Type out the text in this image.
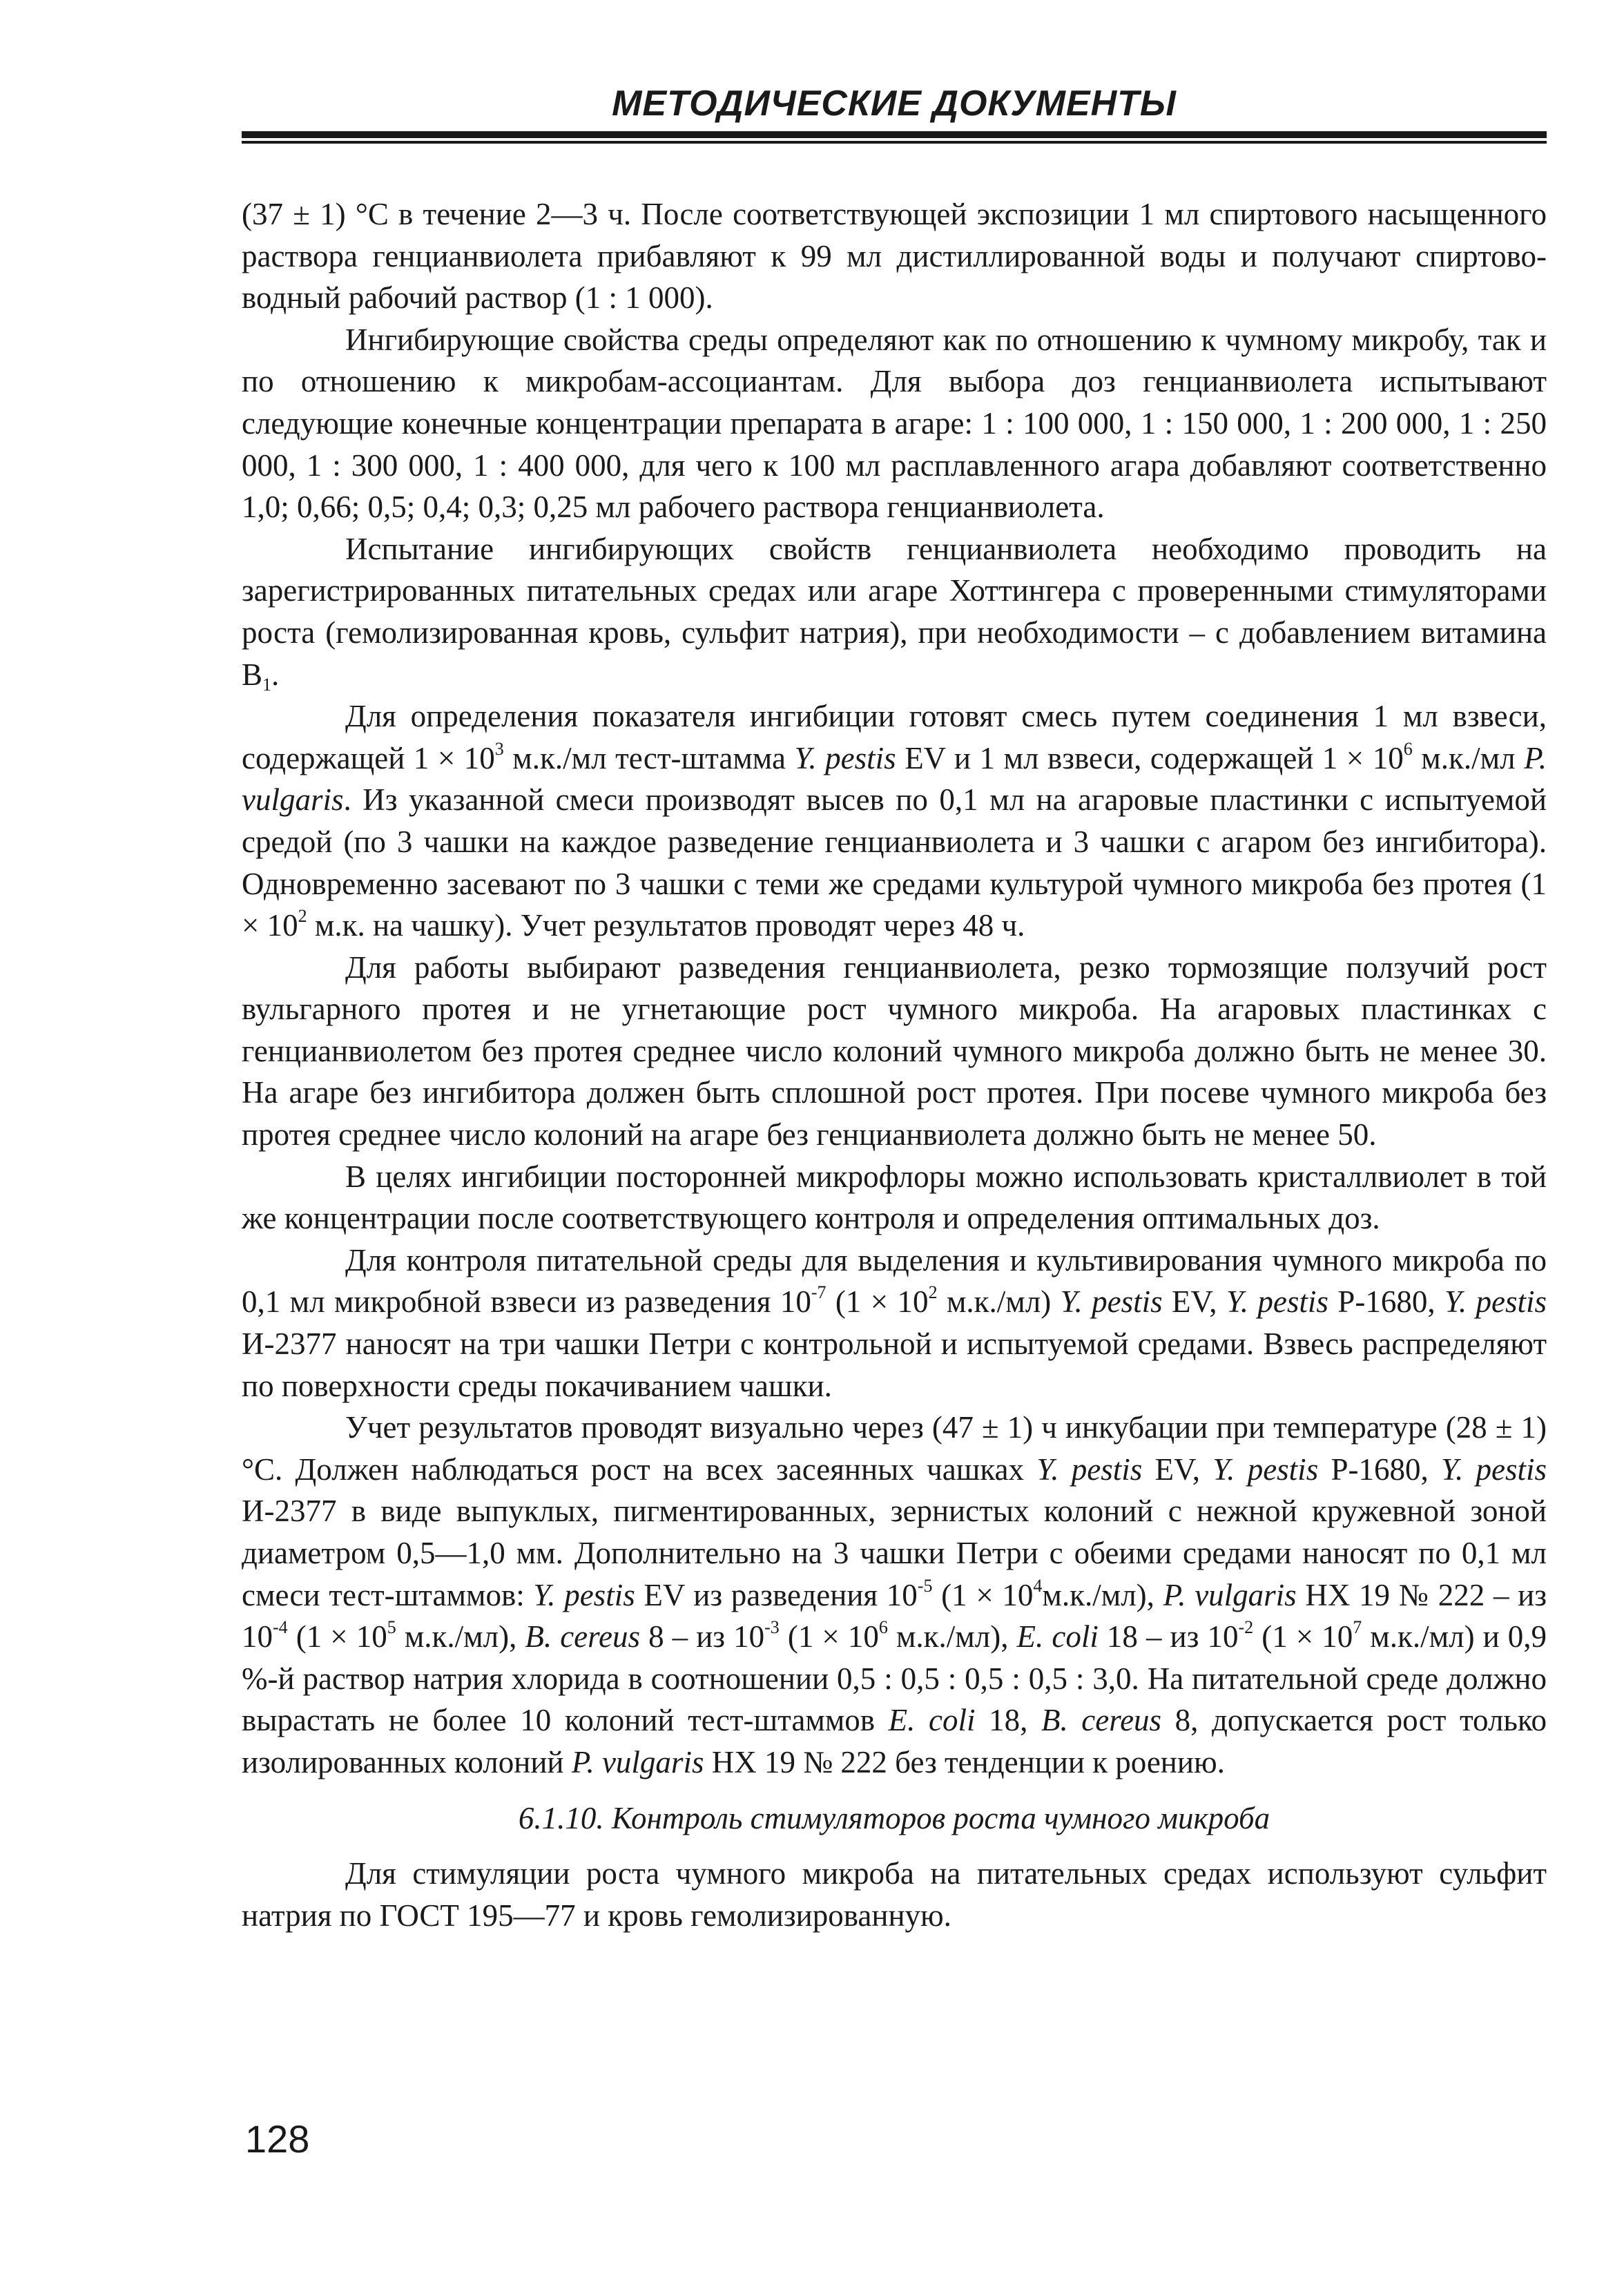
МЕТОДИЧЕСКИЕ ДОКУМЕНТЫ

(37 ± 1) °С в течение 2—3 ч. После соответствующей экспозиции 1 мл спиртового насыщенного раствора генцианвиолета прибавляют к 99 мл дистиллированной воды и получают спиртово-водный рабочий раствор (1 : 1 000).

Ингибирующие свойства среды определяют как по отношению к чумному микробу, так и по отношению к микробам-ассоциантам. Для выбора доз генцианвиолета испытывают следующие конечные концентрации препарата в агаре: 1 : 100 000, 1 : 150 000, 1 : 200 000, 1 : 250 000, 1 : 300 000, 1 : 400 000, для чего к 100 мл расплавленного агара добавляют соответственно 1,0; 0,66; 0,5; 0,4; 0,3; 0,25 мл рабочего раствора генцианвиолета.

Испытание ингибирующих свойств генцианвиолета необходимо проводить на зарегистрированных питательных средах или агаре Хоттингера с проверенными стимуляторами роста (гемолизированная кровь, сульфит натрия), при необходимости – с добавлением витамина $В_1$.

Для определения показателя ингибиции готовят смесь путем соединения 1 мл взвеси, содержащей $1 \times 10^3$ м.к./мл тест-штамма Y. pestis EV и 1 мл взвеси, содержащей $1 \times 10^6$ м.к./мл P. vulgaris. Из указанной смеси производят высев по 0,1 мл на агаровые пластинки с испытуемой средой (по 3 чашки на каждое разведение генцианвиолета и 3 чашки с агаром без ингибитора). Одновременно засевают по 3 чашки с теми же средами культурой чумного микроба без протея ($1 \times 10^2$ м.к. на чашку). Учет результатов проводят через 48 ч.

Для работы выбирают разведения генцианвиолета, резко тормозящие ползучий рост вульгарного протея и не угнетающие рост чумного микроба. На агаровых пластинках с генцианвиолетом без протея среднее число колоний чумного микроба должно быть не менее 30. На агаре без ингибитора должен быть сплошной рост протея. При посеве чумного микроба без протея среднее число колоний на агаре без генцианвиолета должно быть не менее 50.

В целях ингибиции посторонней микрофлоры можно использовать кристаллвиолет в той же концентрации после соответствующего контроля и определения оптимальных доз.

Для контроля питательной среды для выделения и культивирования чумного микроба по 0,1 мл микробной взвеси из разведения $10^{-7}$ ($1 \times 10^2$ м.к./мл) Y. pestis EV, Y. pestis Р-1680, Y. pestis И-2377 наносят на три чашки Петри с контрольной и испытуемой средами. Взвесь распределяют по поверхности среды покачиванием чашки.

Учет результатов проводят визуально через (47 ± 1) ч инкубации при температуре (28 ± 1) °С. Должен наблюдаться рост на всех засеянных чашках Y. pestis EV, Y. pestis Р-1680, Y. pestis И-2377 в виде выпуклых, пигментированных, зернистых колоний с нежной кружевной зоной диаметром 0,5—1,0 мм. Дополнительно на 3 чашки Петри с обеими средами наносят по 0,1 мл смеси тест-штаммов: Y. pestis EV из разведения $10^{-5}$ $(1 \times 10^4м.к./мл)$, P. vulgaris НХ 19 № 222 – из $10^{-4}$ ($1 \times 10^5$ м.к./мл), B. cereus 8 – из $10^{-3}$ ($1 \times 10^6$ м.к./мл), E. coli 18 – из $10^{-2}$ ($1 \times 10^7$ м.к./мл) и 0,9 %-й раствор натрия хлорида в соотношении 0,5 : 0,5 : 0,5 : 0,5 : 3,0. На питательной среде должно вырастать не более 10 колоний тест-штаммов E. coli 18, B. cereus 8, допускается рост только изолированных колоний P. vulgaris НХ 19 № 222 без тенденции к роению.

6.1.10. Контроль стимуляторов роста чумного микроба

Для стимуляции роста чумного микроба на питательных средах используют сульфит натрия по ГОСТ 195—77 и кровь гемолизированную.

128
